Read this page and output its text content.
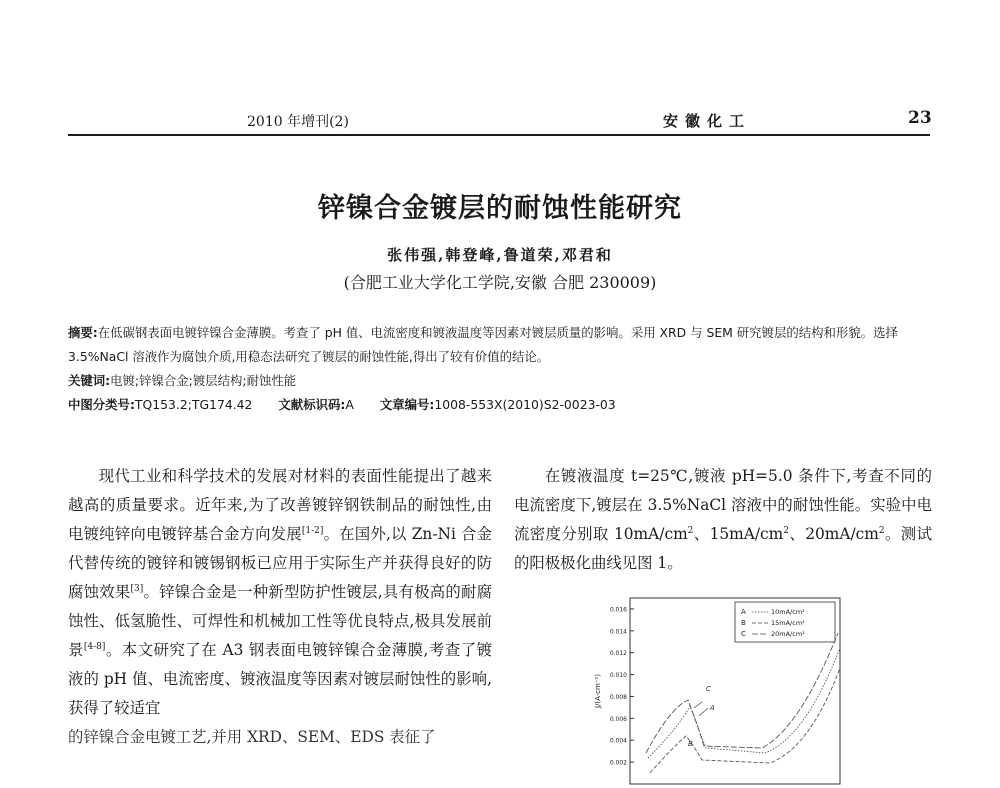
2010 年增刊(2)	安徽化工	23
锌镍合金镀层的耐蚀性能研究
张伟强,韩登峰,鲁道荣,邓君和
(合肥工业大学化工学院,安徽 合肥 230009)
摘要:在低碳钢表面电镀锌镍合金薄膜。考查了 pH 值、电流密度和镀液温度等因素对镀层质量的影响。采用 XRD 与 SEM 研究镀层的结构和形貌。选择 3.5%NaCl 溶液作为腐蚀介质,用稳态法研究了镀层的耐蚀性能,得出了较有价值的结论。
关键词:电镀;锌镍合金;镀层结构;耐蚀性能
中图分类号:TQ153.2;TG174.42 文献标识码:A 文章编号:1008-553X(2010)S2-0023-03

现代工业和科学技术的发展对材料的表面性能提出了越来越高的质量要求。近年来,为了改善镀锌钢铁制品的耐蚀性,由电镀纯锌向电镀锌基合金方向发展[1-2]。在国外,以 Zn-Ni 合金代替传统的镀锌和镀锡钢板已应用于实际生产并获得良好的防腐蚀效果[3]。锌镍合金是一种新型防护性镀层,具有极高的耐腐蚀性、低氢脆性、可焊性和机械加工性等优良特点,极具发展前景[4-8]。本文研究了在 A3 钢表面电镀锌镍合金薄膜,考查了镀液的 pH 值、电流密度、镀液温度等因素对镀层耐蚀性的影响,获得了较适宜

的锌镍合金电镀工艺,并用 XRD、SEM、EDS 表征了

在镀液温度 t=25℃,镀液 pH=5.0 条件下,考查不同的电流密度下,镀层在 3.5%NaCl 溶液中的耐蚀性能。实验中电流密度分别取 $10mA/cm^2$、$15mA/cm^2$、$20mA/cm^2$。测试的阳极极化曲线见图 1。

0.016
0.014
0.012
0.010
0.008
0.006
0.004
0.002
J/(A·cm⁻²)
A	10mA/cm²
B	15mA/cm²
C	20mA/cm²
A
B
C
